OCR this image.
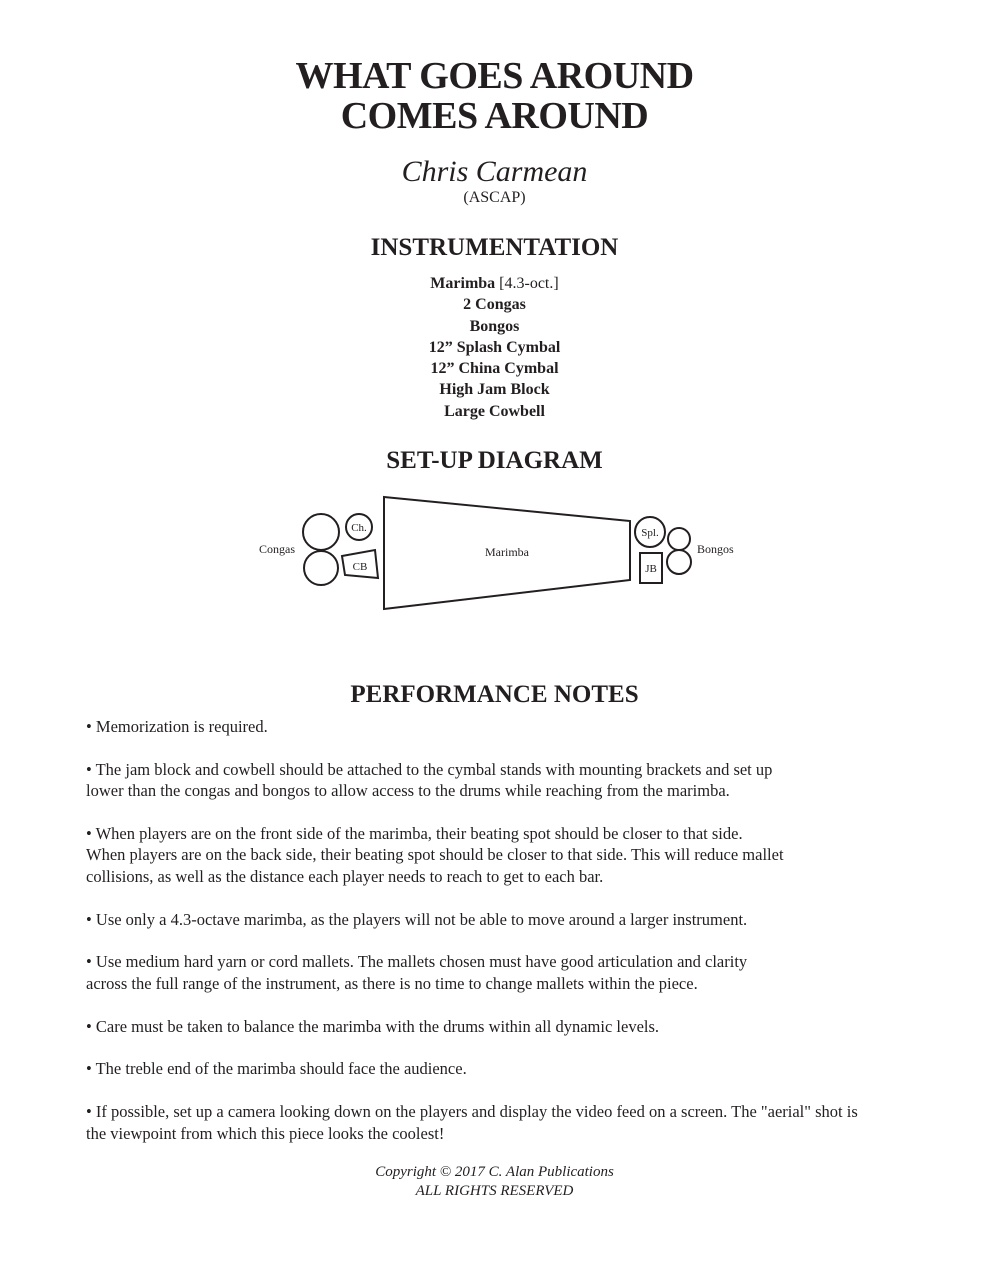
WHAT GOES AROUND
COMES AROUND
Chris Carmean
(ASCAP)
INSTRUMENTATION
Marimba [4.3-oct.]
2 Congas
Bongos
12” Splash Cymbal
12” China Cymbal
High Jam Block
Large Cowbell
SET-UP DIAGRAM
Congas
Ch.
CB
Marimba
Spl.
JB
Bongos
PERFORMANCE NOTES

• Memorization is required.

• The jam block and cowbell should be attached to the cymbal stands with mounting brackets and set up
lower than the congas and bongos to allow access to the drums while reaching from the marimba.

• When players are on the front side of the marimba, their beating spot should be closer to that side.
When players are on the back side, their beating spot should be closer to that side. This will reduce mallet
collisions, as well as the distance each player needs to reach to get to each bar.

• Use only a 4.3-octave marimba, as the players will not be able to move around a larger instrument.

• Use medium hard yarn or cord mallets. The mallets chosen must have good articulation and clarity
across the full range of the instrument, as there is no time to change mallets within the piece.

• Care must be taken to balance the marimba with the drums within all dynamic levels.

• The treble end of the marimba should face the audience.

• If possible, set up a camera looking down on the players and display the video feed on a screen. The "aerial" shot is
the viewpoint from which this piece looks the coolest!

Copyright © 2017 C. Alan Publications
ALL RIGHTS RESERVED
